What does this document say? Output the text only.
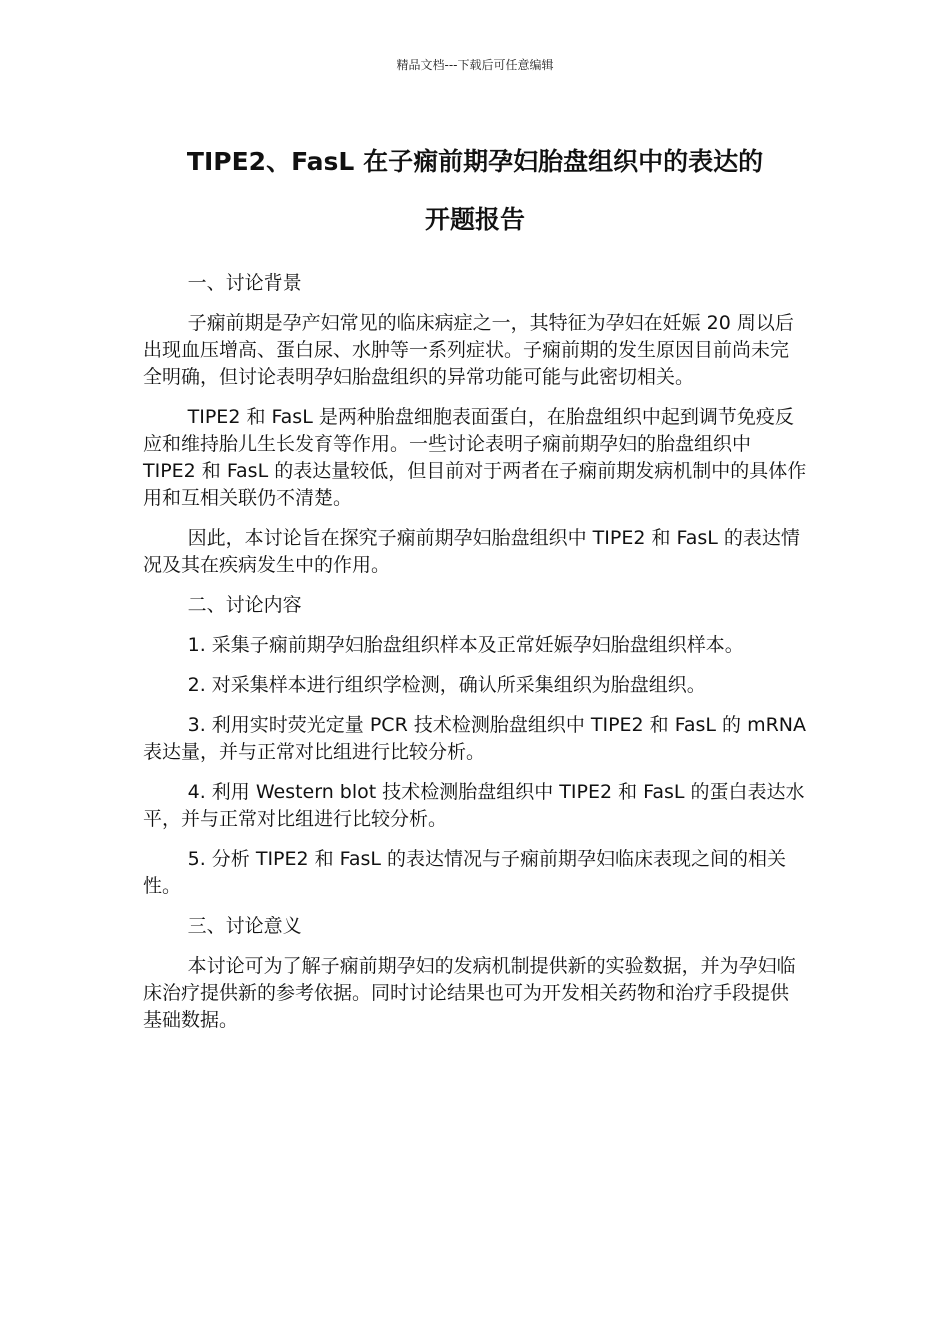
精品文档---下载后可任意编辑
TIPE2、FasL 在子痫前期孕妇胎盘组织中的表达的
开题报告

一、讨论背景

子痫前期是孕产妇常见的临床病症之一，其特征为孕妇在妊娠 20 周以后出现血压增高、蛋白尿、水肿等一系列症状。子痫前期的发生原因目前尚未完全明确，但讨论表明孕妇胎盘组织的异常功能可能与此密切相关。

TIPE2 和 FasL 是两种胎盘细胞表面蛋白，在胎盘组织中起到调节免疫反应和维持胎儿生长发育等作用。一些讨论表明子痫前期孕妇的胎盘组织中 TIPE2 和 FasL 的表达量较低，但目前对于两者在子痫前期发病机制中的具体作用和互相关联仍不清楚。

因此，本讨论旨在探究子痫前期孕妇胎盘组织中 TIPE2 和 FasL 的表达情况及其在疾病发生中的作用。

二、讨论内容

1. 采集子痫前期孕妇胎盘组织样本及正常妊娠孕妇胎盘组织样本。

2. 对采集样本进行组织学检测，确认所采集组织为胎盘组织。

3. 利用实时荧光定量 PCR 技术检测胎盘组织中 TIPE2 和 FasL 的 mRNA 表达量，并与正常对比组进行比较分析。

4. 利用 Western blot 技术检测胎盘组织中 TIPE2 和 FasL 的蛋白表达水平，并与正常对比组进行比较分析。

5. 分析 TIPE2 和 FasL 的表达情况与子痫前期孕妇临床表现之间的相关性。

三、讨论意义

本讨论可为了解子痫前期孕妇的发病机制提供新的实验数据，并为孕妇临床治疗提供新的参考依据。同时讨论结果也可为开发相关药物和治疗手段提供基础数据。
